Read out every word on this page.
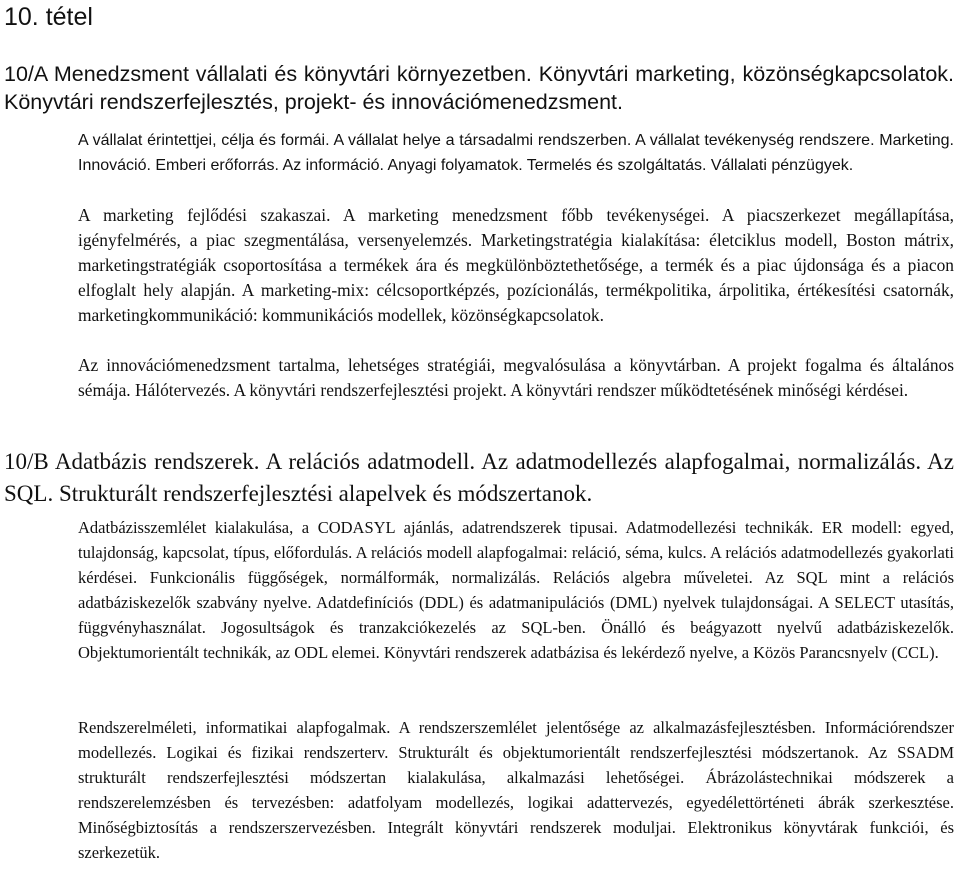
10. tétel
10/A Menedzsment vállalati és könyvtári környezetben. Könyvtári marketing, közönségkapcsolatok. Könyvtári rendszerfejlesztés, projekt- és innovációmenedzsment.

A vállalat érintettjei, célja és formái. A vállalat helye a társadalmi rendszerben. A vállalat tevékenység rendszere. Marketing. Innováció. Emberi erőforrás. Az információ. Anyagi folyamatok. Termelés és szolgáltatás. Vállalati pénzügyek.

A marketing fejlődési szakaszai. A marketing menedzsment főbb tevékenységei. A piacszerkezet megállapítása, igényfelmérés, a piac szegmentálása, versenyelemzés. Marketingstratégia kialakítása: életciklus modell, Boston mátrix, marketingstratégiák csoportosítása a termékek ára és megkülönböztethetősége, a termék és a piac újdonsága és a piacon elfoglalt hely alapján. A marketing-mix: célcsoportképzés, pozícionálás, termékpolitika, árpolitika, értékesítési csatornák, marketingkommunikáció: kommunikációs modellek, közönségkapcsolatok.

Az innovációmenedzsment tartalma, lehetséges stratégiái, megvalósulása a könyvtárban. A projekt fogalma és általános sémája. Hálótervezés. A könyvtári rendszerfejlesztési projekt. A könyvtári rendszer működtetésének minőségi kérdései.

10/B Adatbázis rendszerek. A relációs adatmodell. Az adatmodellezés alapfogalmai, normalizálás. Az SQL. Strukturált rendszerfejlesztési alapelvek és módszertanok.

Adatbázisszemlélet kialakulása, a CODASYL ajánlás, adatrendszerek tipusai. Adatmodellezési technikák. ER modell: egyed, tulajdonság, kapcsolat, típus, előfordulás. A relációs modell alapfogalmai: reláció, séma, kulcs. A relációs adatmodellezés gyakorlati kérdései. Funkcionális függőségek, normálformák, normalizálás. Relációs algebra műveletei. Az SQL mint a relációs adatbáziskezelők szabvány nyelve. Adatdefiníciós (DDL) és adatmanipulációs (DML) nyelvek tulajdonságai. A SELECT utasítás, függvényhasználat. Jogosultságok és tranzakciókezelés az SQL-ben. Önálló és beágyazott nyelvű adatbáziskezelők. Objektumorientált technikák, az ODL elemei. Könyvtári rendszerek adatbázisa és lekérdező nyelve, a Közös Parancsnyelv (CCL).

Rendszerelméleti, informatikai alapfogalmak. A rendszerszemlélet jelentősége az alkalmazásfejlesztésben. Információrendszer modellezés. Logikai és fizikai rendszerterv. Strukturált és objektumorientált rendszerfejlesztési módszertanok. Az SSADM strukturált rendszerfejlesztési módszertan kialakulása, alkalmazási lehetőségei. Ábrázolástechnikai módszerek a rendszerelemzésben és tervezésben: adatfolyam modellezés, logikai adattervezés, egyedélettörténeti ábrák szerkesztése. Minőségbiztosítás a rendszerszervezésben. Integrált könyvtári rendszerek moduljai. Elektronikus könyvtárak funkciói, és szerkezetük.
